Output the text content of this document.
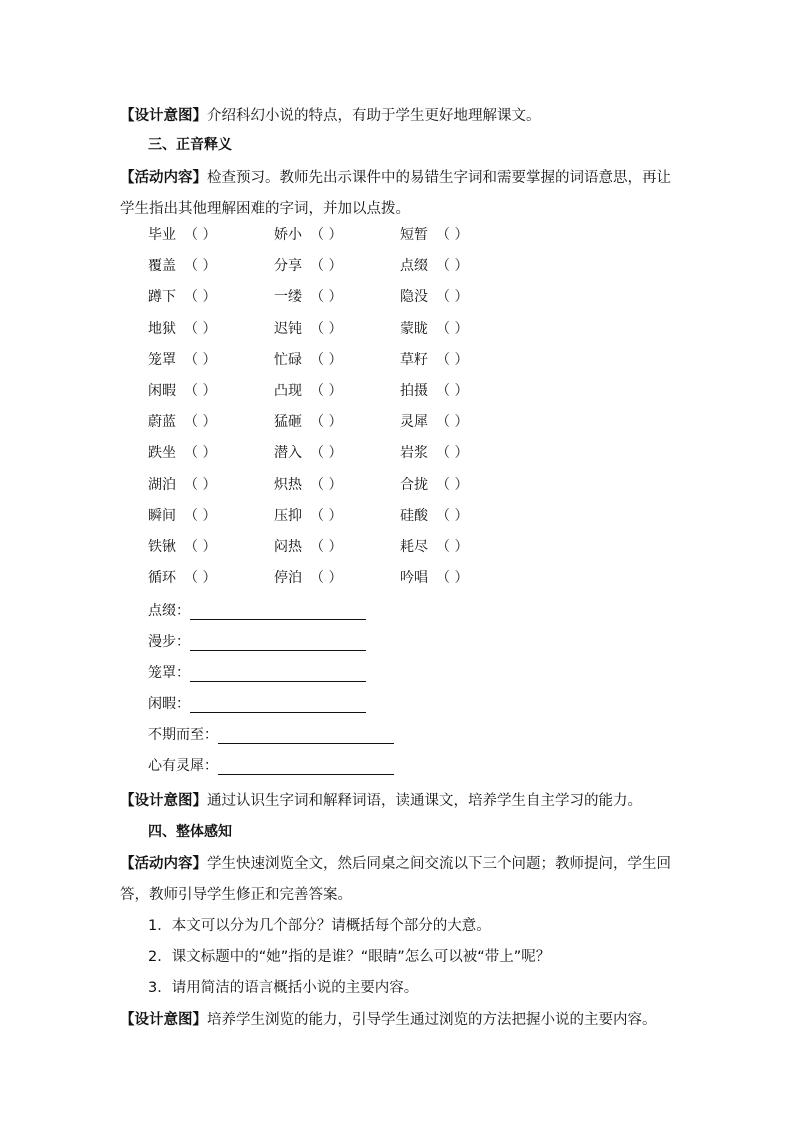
【设计意图】介绍科幻小说的特点，有助于学生更好地理解课文。
三、正音释义
【活动内容】检查预习。教师先出示课件中的易错生字词和需要掌握的词语意思，再让
学生指出其他理解困难的字词，并加以点拨。
毕业 （ ）	娇小 （ ）	短暂 （ ）
覆盖 （ ）	分享 （ ）	点缀 （ ）
蹲下 （ ）	一缕 （ ）	隐没 （ ）
地狱 （ ）	迟钝 （ ）	蒙眬 （ ）
笼罩 （ ）	忙碌 （ ）	草籽 （ ）
闲暇 （ ）	凸现 （ ）	拍摄 （ ）
蔚蓝 （ ）	猛砸 （ ）	灵犀 （ ）
跌坐 （ ）	潜入 （ ）	岩浆 （ ）
湖泊 （ ）	炽热 （ ）	合拢 （ ）
瞬间 （ ）	压抑 （ ）	硅酸 （ ）
铁锹 （ ）	闷热 （ ）	耗尽 （ ）
循环 （ ）	停泊 （ ）	吟唱 （ ）
点缀：
漫步：
笼罩：
闲暇：
不期而至：
心有灵犀：
【设计意图】通过认识生字词和解释词语，读通课文，培养学生自主学习的能力。
四、整体感知
【活动内容】学生快速浏览全文，然后同桌之间交流以下三个问题；教师提问，学生回
答，教师引导学生修正和完善答案。
1．本文可以分为几个部分？请概括每个部分的大意。
2．课文标题中的“她”指的是谁？“眼睛”怎么可以被“带上”呢？
3．请用简洁的语言概括小说的主要内容。
【设计意图】培养学生浏览的能力，引导学生通过浏览的方法把握小说的主要内容。
